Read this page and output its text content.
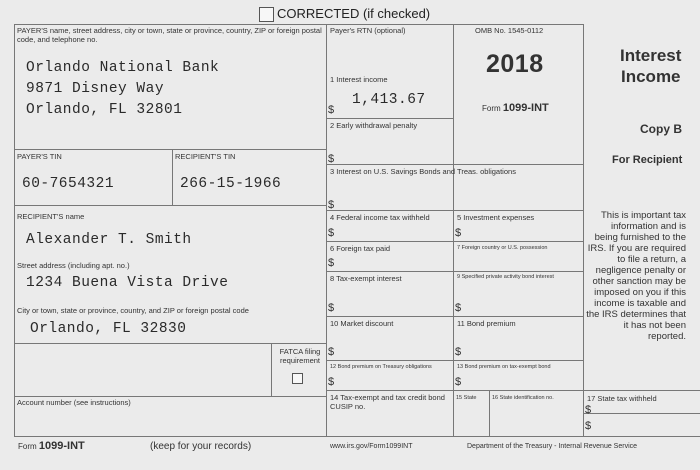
CORRECTED (if checked)
PAYER'S name, street address, city or town, state or province, country, ZIP or foreign postal code, and telephone no.
Orlando National Bank
9871 Disney Way
Orlando, FL 32801
Payer's RTN (optional)	OMB No. 1545-0112
2018
Form 1099-INT
Interest
Income
Copy B
For Recipient
1 Interest income
$
1,413.67
2 Early withdrawal penalty
$
3 Interest on U.S. Savings Bonds and Treas. obligations
$
PAYER'S TIN
60-7654321
RECIPIENT'S TIN
266-15-1966
RECIPIENT'S name
Alexander T. Smith
Street address (including apt. no.)
1234 Buena Vista Drive
City or town, state or province, country, and ZIP or foreign postal code
Orlando, FL 32830
4 Federal income tax withheld
$
5 Investment expenses
$
6 Foreign tax paid
$
7 Foreign country or U.S. possession
8 Tax-exempt interest
$
9 Specified private activity bond interest
$
10 Market discount	11 Bond premium
$	$
FATCA filing requirement
12 Bond premium on Treasury obligations
$
13 Bond premium on tax-exempt bond
$
Account number (see instructions)
14 Tax-exempt and tax credit bond CUSIP no.
15 State	16 State identification no.	17 State tax withheld
$
$
This is important tax information and is being furnished to the IRS. If you are required to file a return, a negligence penalty or other sanction may be imposed on you if this income is taxable and the IRS determines that it has not been reported.
Form 1099-INT	(keep for your records)	www.irs.gov/Form1099INT	Department of the Treasury - Internal Revenue Service
